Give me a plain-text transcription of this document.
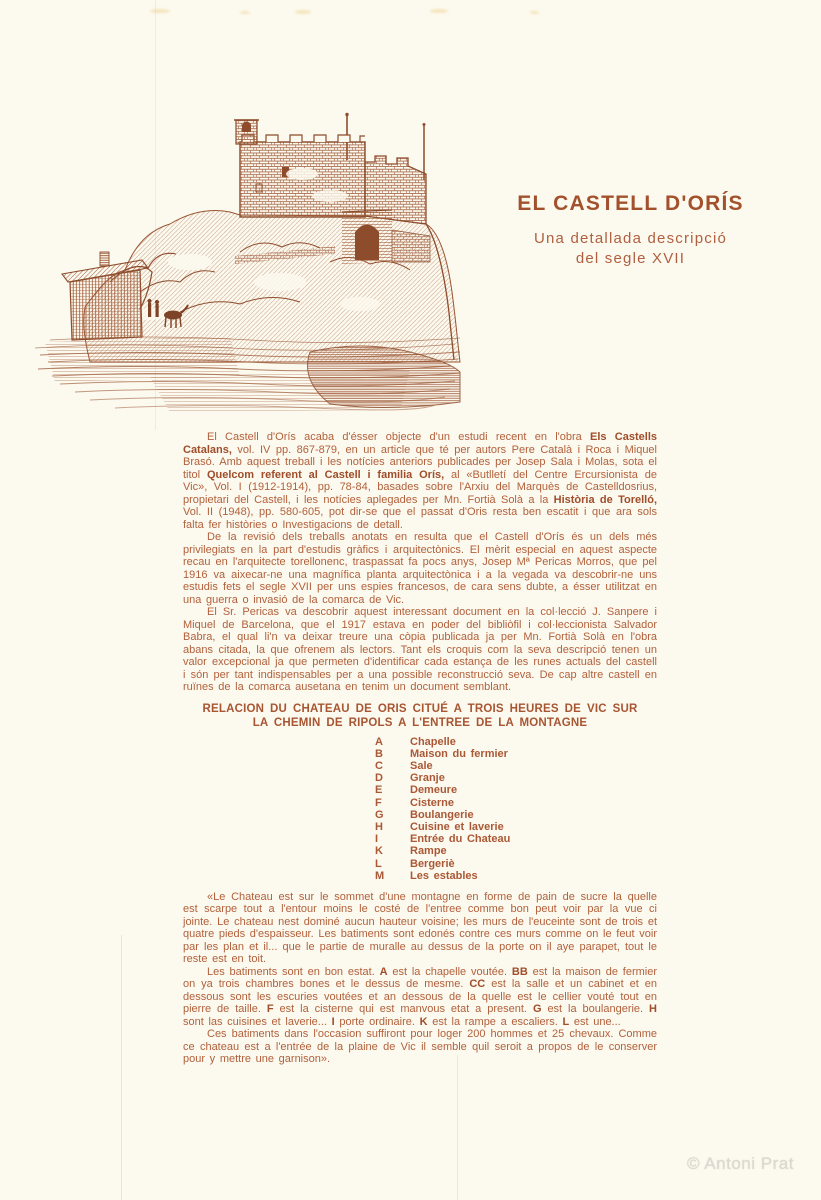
EL CASTELL D'ORÍS

Una detallada descripció
del segle XVII

El Castell d'Orís acaba d'ésser objecte d'un estudi recent en l'obra Els Castells Catalans, vol. IV pp. 867-879, en un article que té per autors Pere Català i Roca i Miquel Brasó. Amb aquest treball i les notícies anteriors publicades per Josep Sala i Molas, sota el titol Quelcom referent al Castell i familia Orís, al «Butlletí del Centre Ercursionista de Vic», Vol. I (1912-1914), pp. 78-84, basades sobre l'Arxiu del Marquès de Castelldosrius, propietari del Castell, i les notícies aplegades per Mn. Fortià Solà a la Història de Torelló, Vol. II (1948), pp. 580-605, pot dir-se que el passat d'Oris resta ben escatit i que ara sols falta fer històries o Investigacions de detall.

De la revisió dels treballs anotats en resulta que el Castell d'Orís és un dels més privilegiats en la part d'estudis gràfics i arquitectònics. El mèrit especial en aquest aspecte recau en l'arquitecte torellonenc, traspassat fa pocs anys, Josep Mª Pericas Morros, que pel 1916 va aixecar-ne una magnífica planta arquitectònica i a la vegada va descobrir-ne uns estudis fets el segle XVII per uns espies francesos, de cara sens dubte, a ésser utilitzat en una guerra o invasió de la comarca de Vic.

El Sr. Pericas va descobrir aquest interessant document en la col·lecció J. Sanpere i Miquel de Barcelona, que el 1917 estava en poder del bibliòfil i col·leccionista Salvador Babra, el qual li'n va deixar treure una còpia publicada ja per Mn. Fortià Solà en l'obra abans citada, la que ofrenem als lectors. Tant els croquis com la seva descripció tenen un valor excepcional ja que permeten d'identificar cada estança de les runes actuals del castell i són per tant indispensables per a una possible reconstrucció seva. De cap altre castell en ruïnes de la comarca ausetana en tenim un document semblant.

RELACION DU CHATEAU DE ORIS CITUÉ A TROIS HEURES DE VIC SUR LA CHEMIN DE RIPOLS A L'ENTREE DE LA MONTAGNE
A	Chapelle
B	Maison du fermier
C	Sale
D	Granje
E	Demeure
F	Cisterne
G	Boulangerie
H	Cuisine et laverie
I	Entrée du Chateau
K	Rampe
L	Bergeriè
M	Les estables

«Le Chateau est sur le sommet d'une montagne en forme de pain de sucre la quelle est scarpe tout a l'entour moins le costé de l'entree comme bon peut voir par la vue ci jointe. Le chateau nest dominé aucun hauteur voisine; les murs de l'euceinte sont de trois et quatre pieds d'espaisseur. Les batiments sont edonés contre ces murs comme on le feut voir par les plan et il... que le partie de muralle au dessus de la porte on il aye parapet, tout le reste est en toit.

Les batiments sont en bon estat. A est la chapelle voutée. BB est la maison de fermier on ya trois chambres bones et le dessus de mesme. CC est la salle et un cabinet et en dessous sont les escuries voutées et an dessous de la quelle est le cellier vouté tout en pierre de taille. F est la cisterne qui est manvous etat a present. G est la boulangerie. H sont las cuisines et laverie... I porte ordinaire. K est la rampe a escaliers. L est une...

Ces batiments dans l'occasion suffiront pour loger 200 hommes et 25 chevaux. Comme ce chateau est a l'entrée de la plaine de Vic il semble quil seroit a propos de le conserver pour y mettre une garnison».

© Antoni Prat
